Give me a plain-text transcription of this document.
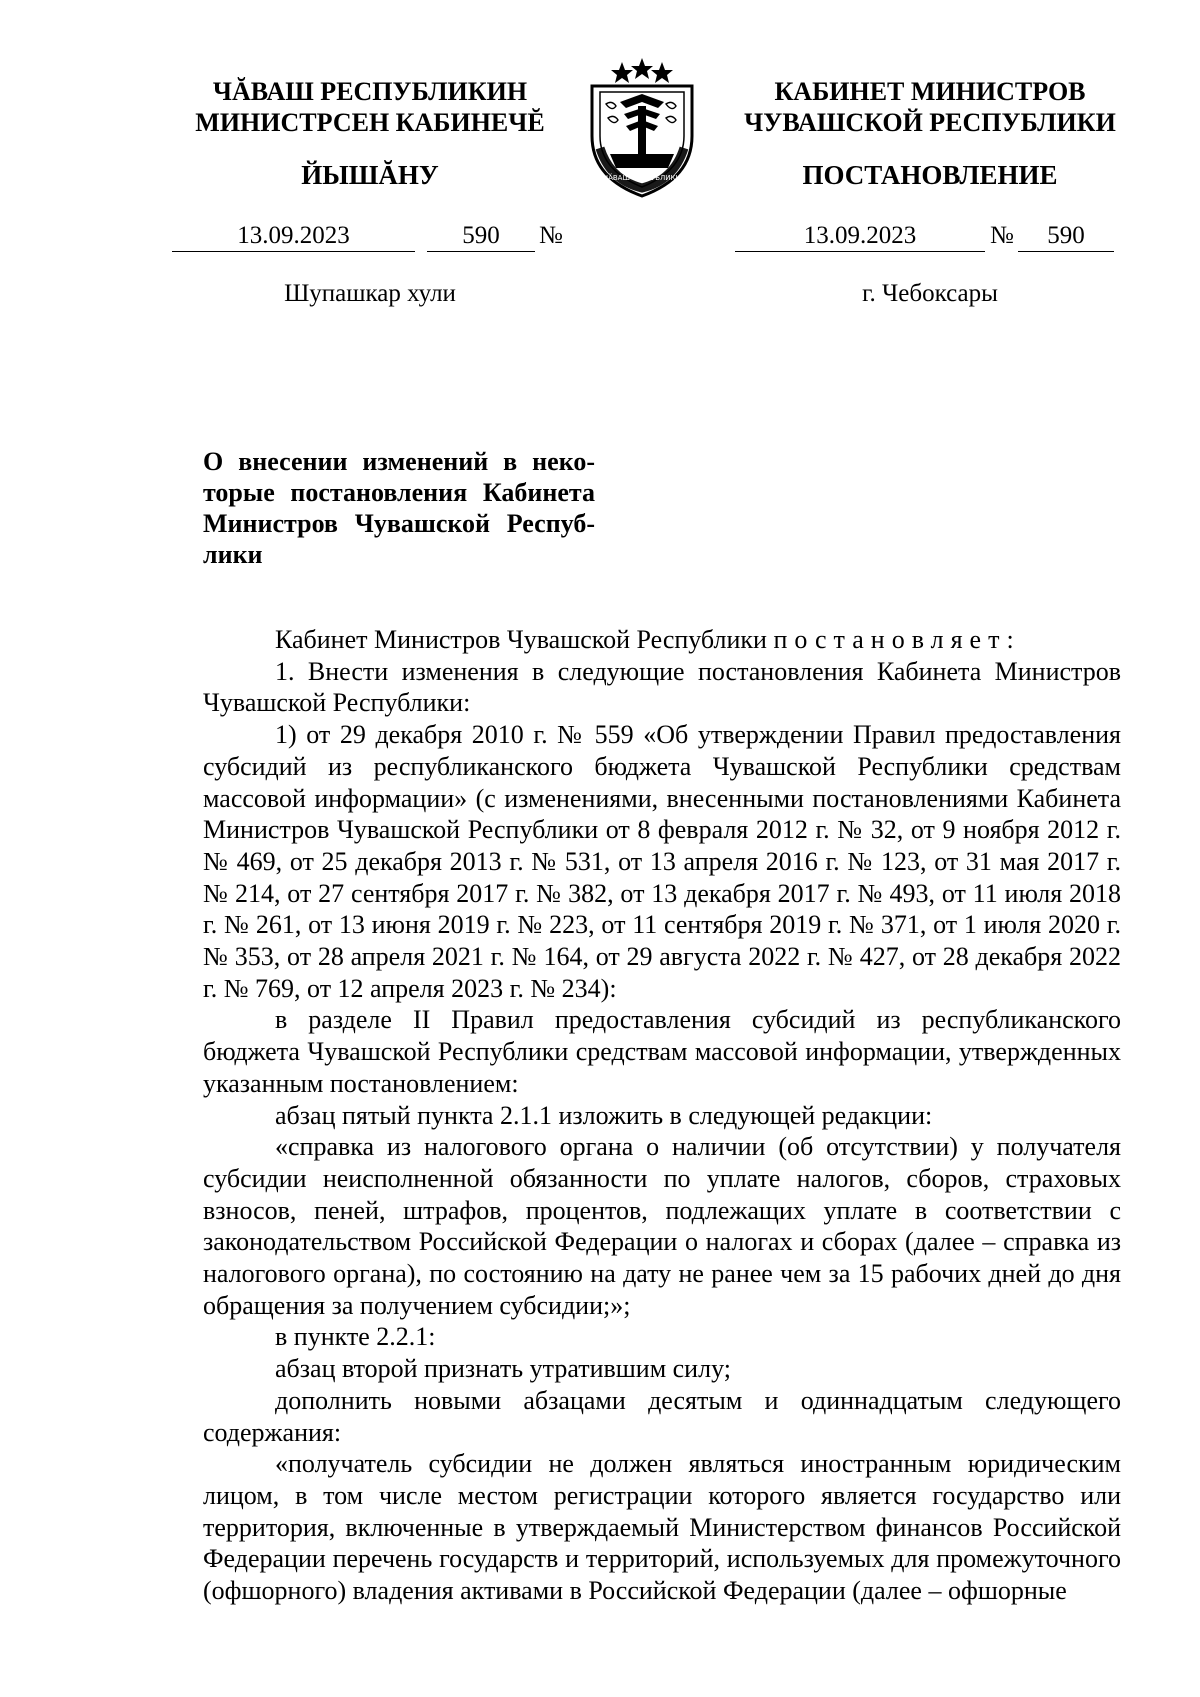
ЧĂВАШ РЕСПУБЛИКИН
МИНИСТРСЕН КАБИНЕЧĔ
ЙЫШĂНУ
КАБИНЕТ МИНИСТРОВ
ЧУВАШСКОЙ РЕСПУБЛИКИ
ПОСТАНОВЛЕНИЕ
ЧĂВАШ РЕСПУБЛИКИ
13.09.2023	590	№	13.09.2023	№	590
Шупашкар хули	г. Чебоксары
О внесении изменений в неко-
торые постановления Кабинета
Министров Чувашской Респуб-
лики

Кабинет Министров Чувашской Республики постановляет:

1. Внести изменения в следующие постановления Кабинета Министров Чувашской Республики:

1) от 29 декабря 2010 г. № 559 «Об утверждении Правил предоставления субсидий из республиканского бюджета Чувашской Республики средствам массовой информации» (с изменениями, внесенными постановлениями Кабинета Министров Чувашской Республики от 8 февраля 2012 г. № 32, от 9 ноября 2012 г. № 469, от 25 декабря 2013 г. № 531, от 13 апреля 2016 г. № 123, от 31 мая 2017 г. № 214, от 27 сентября 2017 г. № 382, от 13 декабря 2017 г. № 493, от 11 июля 2018 г. № 261, от 13 июня 2019 г. № 223, от 11 сентября 2019 г. № 371, от 1 июля 2020 г. № 353, от 28 апреля 2021 г. № 164, от 29 августа 2022 г. № 427, от 28 декабря 2022 г. № 769, от 12 апреля 2023 г. № 234):

в разделе II Правил предоставления субсидий из республиканского бюджета Чувашской Республики средствам массовой информации, утвержденных указанным постановлением:

абзац пятый пункта 2.1.1 изложить в следующей редакции:

«справка из налогового органа о наличии (об отсутствии) у получателя субсидии неисполненной обязанности по уплате налогов, сборов, страховых взносов, пеней, штрафов, процентов, подлежащих уплате в соответствии с законодательством Российской Федерации о налогах и сборах (далее – справка из налогового органа), по состоянию на дату не ранее чем за 15 рабочих дней до дня обращения за получением субсидии;»;

в пункте 2.2.1:

абзац второй признать утратившим силу;

дополнить новыми абзацами десятым и одиннадцатым следующего содержания:

«получатель субсидии не должен являться иностранным юридическим лицом, в том числе местом регистрации которого является государство или территория, включенные в утверждаемый Министерством финансов Российской Федерации перечень государств и территорий, используемых для промежуточного (офшорного) владения активами в Российской Федерации (далее – офшорные
